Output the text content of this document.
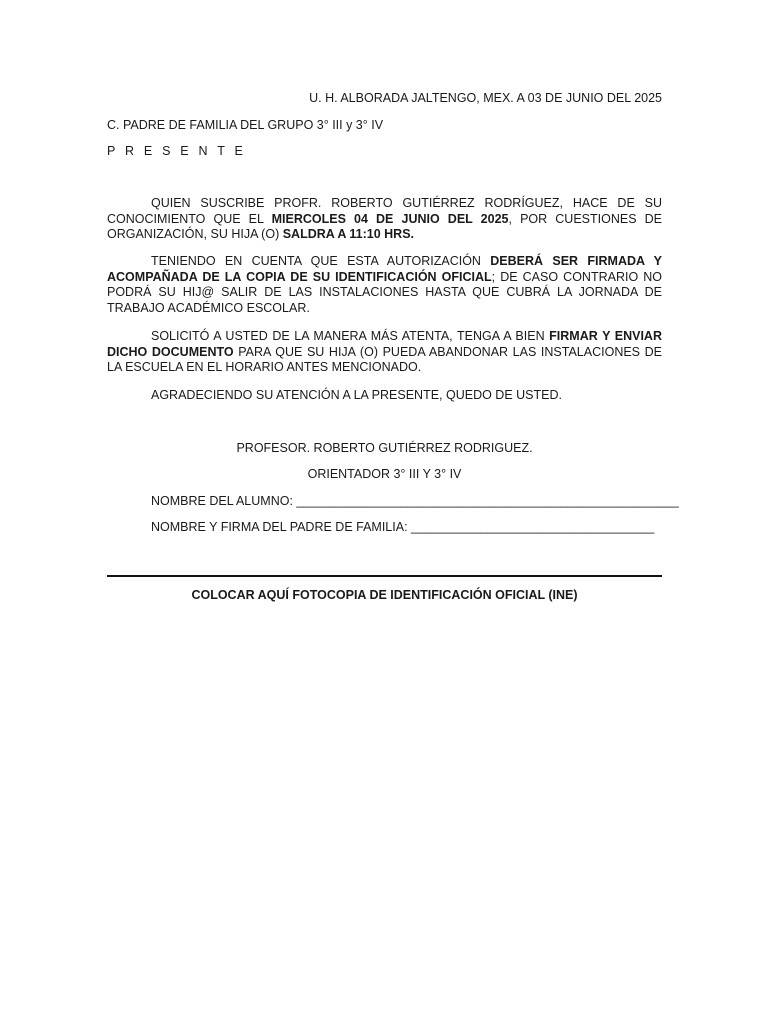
U. H. ALBORADA JALTENGO, MEX. A 03 DE JUNIO DEL 2025
C. PADRE DE FAMILIA DEL GRUPO 3° III y 3° IV
P R E S E N T E
QUIEN SUSCRIBE PROFR. ROBERTO GUTIÉRREZ RODRÍGUEZ, HACE DE SU CONOCIMIENTO QUE EL MIERCOLES 04 DE JUNIO DEL 2025, POR CUESTIONES DE ORGANIZACIÓN, SU HIJA (O) SALDRA A 11:10 HRS.
TENIENDO EN CUENTA QUE ESTA AUTORIZACIÓN DEBERÁ SER FIRMADA Y ACOMPAÑADA DE LA COPIA DE SU IDENTIFICACIÓN OFICIAL; DE CASO CONTRARIO NO PODRÁ SU HIJ@ SALIR DE LAS INSTALACIONES HASTA QUE CUBRÁ LA JORNADA DE TRABAJO ACADÉMICO ESCOLAR.
SOLICITÓ A USTED DE LA MANERA MÁS ATENTA, TENGA A BIEN FIRMAR Y ENVIAR DICHO DOCUMENTO PARA QUE SU HIJA (O) PUEDA ABANDONAR LAS INSTALACIONES DE LA ESCUELA EN EL HORARIO ANTES MENCIONADO.
AGRADECIENDO SU ATENCIÓN A LA PRESENTE, QUEDO DE USTED.
PROFESOR. ROBERTO GUTIÉRREZ RODRIGUEZ.
ORIENTADOR 3° III Y 3° IV
NOMBRE DEL ALUMNO: _______________________________________________________
NOMBRE Y FIRMA DEL PADRE DE FAMILIA: ___________________________________
COLOCAR AQUÍ FOTOCOPIA DE IDENTIFICACIÓN OFICIAL (INE)
